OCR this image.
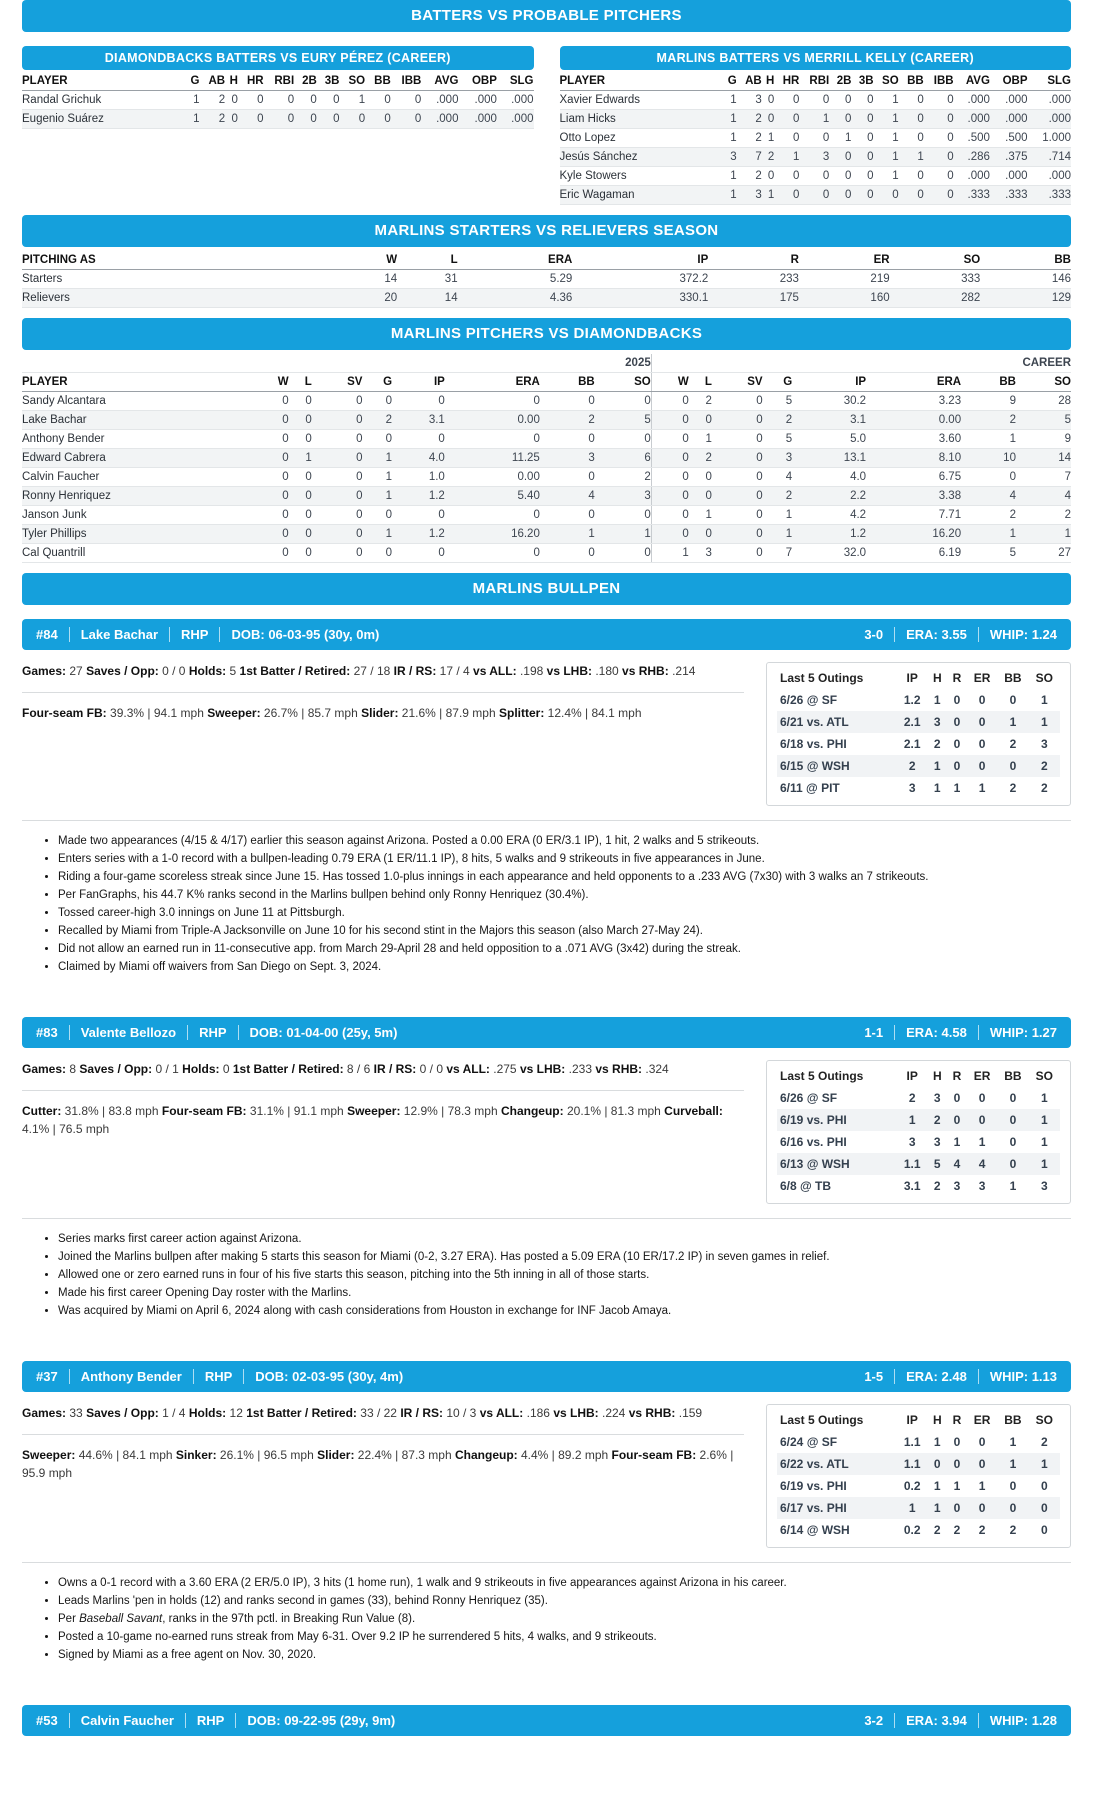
BATTERS VS PROBABLE PITCHERS
DIAMONDBACKS BATTERS VS EURY PÉREZ (CAREER)
PLAYER	G	AB	H	HR	RBI	2B	3B	SO	BB	IBB	AVG	OBP	SLG
Randal Grichuk	1	2	0	0	0	0	0	1	0	0	.000	.000	.000
Eugenio Suárez	1	2	0	0	0	0	0	0	0	0	.000	.000	.000
MARLINS BATTERS VS MERRILL KELLY (CAREER)
PLAYER	G	AB	H	HR	RBI	2B	3B	SO	BB	IBB	AVG	OBP	SLG
Xavier Edwards	1	3	0	0	0	0	0	1	0	0	.000	.000	.000
Liam Hicks	1	2	0	0	1	0	0	1	0	0	.000	.000	.000
Otto Lopez	1	2	1	0	0	1	0	1	0	0	.500	.500	1.000
Jesús Sánchez	3	7	2	1	3	0	0	1	1	0	.286	.375	.714
Kyle Stowers	1	2	0	0	0	0	0	1	0	0	.000	.000	.000
Eric Wagaman	1	3	1	0	0	0	0	0	0	0	.333	.333	.333
MARLINS STARTERS VS RELIEVERS SEASON
PITCHING AS	W	L	ERA	IP	R	ER	SO	BB
Starters	14	31	5.29	372.2	233	219	333	146
Relievers	20	14	4.36	330.1	175	160	282	129
MARLINS PITCHERS VS DIAMONDBACKS
	2025								CAREER							
PLAYER	W	L	SV	G	IP	ERA	BB	SO	W	L	SV	G	IP	ERA	BB	SO
Sandy Alcantara	0	0	0	0	0	0	0	0	0	2	0	5	30.2	3.23	9	28
Lake Bachar	0	0	0	2	3.1	0.00	2	5	0	0	0	2	3.1	0.00	2	5
Anthony Bender	0	0	0	0	0	0	0	0	0	1	0	5	5.0	3.60	1	9
Edward Cabrera	0	1	0	1	4.0	11.25	3	6	0	2	0	3	13.1	8.10	10	14
Calvin Faucher	0	0	0	1	1.0	0.00	0	2	0	0	0	4	4.0	6.75	0	7
Ronny Henriquez	0	0	0	1	1.2	5.40	4	3	0	0	0	2	2.2	3.38	4	4
Janson Junk	0	0	0	0	0	0	0	0	0	1	0	1	4.2	7.71	2	2
Tyler Phillips	0	0	0	1	1.2	16.20	1	1	0	0	0	1	1.2	16.20	1	1
Cal Quantrill	0	0	0	0	0	0	0	0	1	3	0	7	32.0	6.19	5	27
MARLINS BULLPEN
#84 Lake Bachar RHP DOB: 06-03-95 (30y, 0m)	3-0 ERA: 3.55 WHIP: 1.24
Games: 27 Saves / Opp: 0 / 0 Holds: 5 1st Batter / Retired: 27 / 18 IR / RS: 17 / 4 vs ALL: .198 vs LHB: .180 vs RHB: .214
Four-seam FB: 39.3% | 94.1 mph Sweeper: 26.7% | 85.7 mph Slider: 21.6% | 87.9 mph Splitter: 12.4% | 84.1 mph
Last 5 Outings	IP	H	R	ER	BB	SO
6/26 @ SF	1.2	1	0	0	0	1
6/21 vs. ATL	2.1	3	0	0	1	1
6/18 vs. PHI	2.1	2	0	0	2	3
6/15 @ WSH	2	1	0	0	0	2
6/11 @ PIT	3	1	1	1	2	2
• Made two appearances (4/15 & 4/17) earlier this season against Arizona. Posted a 0.00 ERA (0 ER/3.1 IP), 1 hit, 2 walks and 5 strikeouts.
• Enters series with a 1-0 record with a bullpen-leading 0.79 ERA (1 ER/11.1 IP), 8 hits, 5 walks and 9 strikeouts in five appearances in June.
• Riding a four-game scoreless streak since June 15. Has tossed 1.0-plus innings in each appearance and held opponents to a .233 AVG (7x30) with 3 walks an 7 strikeouts.
• Per FanGraphs, his 44.7 K% ranks second in the Marlins bullpen behind only Ronny Henriquez (30.4%).
• Tossed career-high 3.0 innings on June 11 at Pittsburgh.
• Recalled by Miami from Triple-A Jacksonville on June 10 for his second stint in the Majors this season (also March 27-May 24).
• Did not allow an earned run in 11-consecutive app. from March 29-April 28 and held opposition to a .071 AVG (3x42) during the streak.
• Claimed by Miami off waivers from San Diego on Sept. 3, 2024.
#83 Valente Bellozo RHP DOB: 01-04-00 (25y, 5m)	1-1 ERA: 4.58 WHIP: 1.27
Games: 8 Saves / Opp: 0 / 1 Holds: 0 1st Batter / Retired: 8 / 6 IR / RS: 0 / 0 vs ALL: .275 vs LHB: .233 vs RHB: .324
Cutter: 31.8% | 83.8 mph Four-seam FB: 31.1% | 91.1 mph Sweeper: 12.9% | 78.3 mph Changeup: 20.1% | 81.3 mph Curveball: 4.1% | 76.5 mph
Last 5 Outings	IP	H	R	ER	BB	SO
6/26 @ SF	2	3	0	0	0	1
6/19 vs. PHI	1	2	0	0	0	1
6/16 vs. PHI	3	3	1	1	0	1
6/13 @ WSH	1.1	5	4	4	0	1
6/8 @ TB	3.1	2	3	3	1	3
• Series marks first career action against Arizona.
• Joined the Marlins bullpen after making 5 starts this season for Miami (0-2, 3.27 ERA). Has posted a 5.09 ERA (10 ER/17.2 IP) in seven games in relief.
• Allowed one or zero earned runs in four of his five starts this season, pitching into the 5th inning in all of those starts.
• Made his first career Opening Day roster with the Marlins.
• Was acquired by Miami on April 6, 2024 along with cash considerations from Houston in exchange for INF Jacob Amaya.
#37 Anthony Bender RHP DOB: 02-03-95 (30y, 4m)	1-5 ERA: 2.48 WHIP: 1.13
Games: 33 Saves / Opp: 1 / 4 Holds: 12 1st Batter / Retired: 33 / 22 IR / RS: 10 / 3 vs ALL: .186 vs LHB: .224 vs RHB: .159
Sweeper: 44.6% | 84.1 mph Sinker: 26.1% | 96.5 mph Slider: 22.4% | 87.3 mph Changeup: 4.4% | 89.2 mph Four-seam FB: 2.6% | 95.9 mph
Last 5 Outings	IP	H	R	ER	BB	SO
6/24 @ SF	1.1	1	0	0	1	2
6/22 vs. ATL	1.1	0	0	0	1	1
6/19 vs. PHI	0.2	1	1	1	0	0
6/17 vs. PHI	1	1	0	0	0	0
6/14 @ WSH	0.2	2	2	2	2	0
• Owns a 0-1 record with a 3.60 ERA (2 ER/5.0 IP), 3 hits (1 home run), 1 walk and 9 strikeouts in five appearances against Arizona in his career.
• Leads Marlins 'pen in holds (12) and ranks second in games (33), behind Ronny Henriquez (35).
• Per Baseball Savant, ranks in the 97th pctl. in Breaking Run Value (8).
• Posted a 10-game no-earned runs streak from May 6-31. Over 9.2 IP he surrendered 5 hits, 4 walks, and 9 strikeouts.
• Signed by Miami as a free agent on Nov. 30, 2020.
#53 Calvin Faucher RHP DOB: 09-22-95 (29y, 9m)	3-2 ERA: 3.94 WHIP: 1.28
